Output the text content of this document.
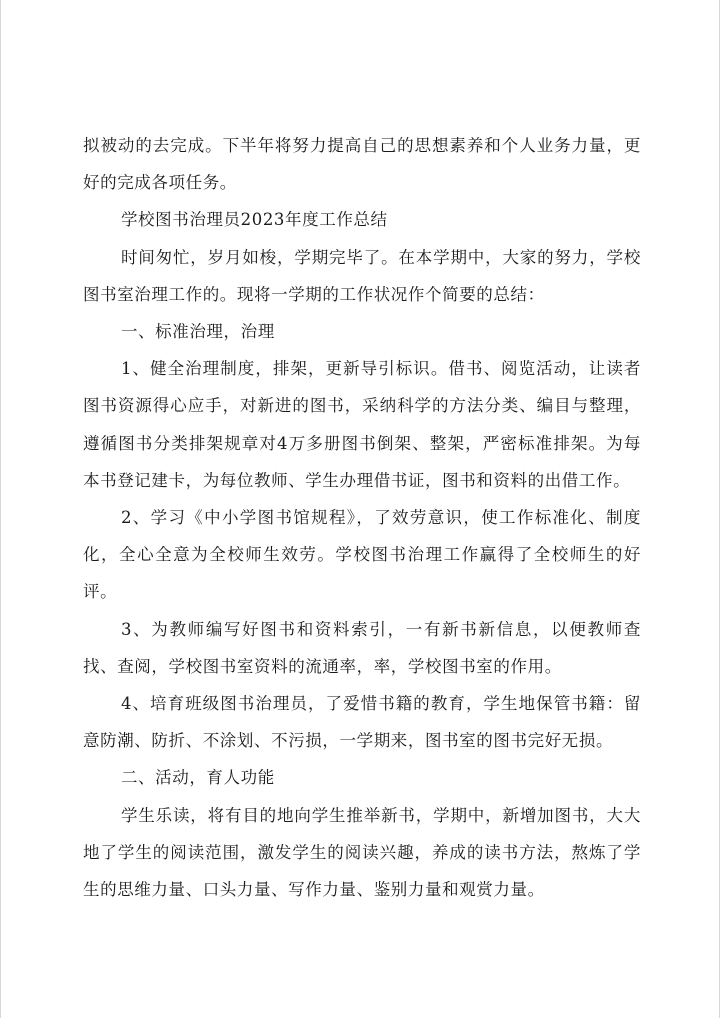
拟被动的去完成。下半年将努力提高自己的思想素养和个人业务力量，更好的完成各项任务。

学校图书治理员2023年度工作总结

时间匆忙，岁月如梭，学期完毕了。在本学期中，大家的努力，学校图书室治理工作的。现将一学期的工作状况作个简要的总结：

一、标准治理，治理

1、健全治理制度，排架，更新导引标识。借书、阅览活动，让读者图书资源得心应手，对新进的图书，采纳科学的方法分类、编目与整理，遵循图书分类排架规章对4万多册图书倒架、整架，严密标准排架。为每本书登记建卡，为每位教师、学生办理借书证，图书和资料的出借工作。

2、学习《中小学图书馆规程》，了效劳意识，使工作标准化、制度化，全心全意为全校师生效劳。学校图书治理工作赢得了全校师生的好评。

3、为教师编写好图书和资料索引，一有新书新信息，以便教师查找、查阅，学校图书室资料的流通率，率，学校图书室的作用。

4、培育班级图书治理员，了爱惜书籍的教育，学生地保管书籍：留意防潮、防折、不涂划、不污损，一学期来，图书室的图书完好无损。

二、活动，育人功能

学生乐读，将有目的地向学生推举新书，学期中，新增加图书，大大地了学生的阅读范围，激发学生的阅读兴趣，养成的读书方法，熬炼了学生的思维力量、口头力量、写作力量、鉴别力量和观赏力量。
